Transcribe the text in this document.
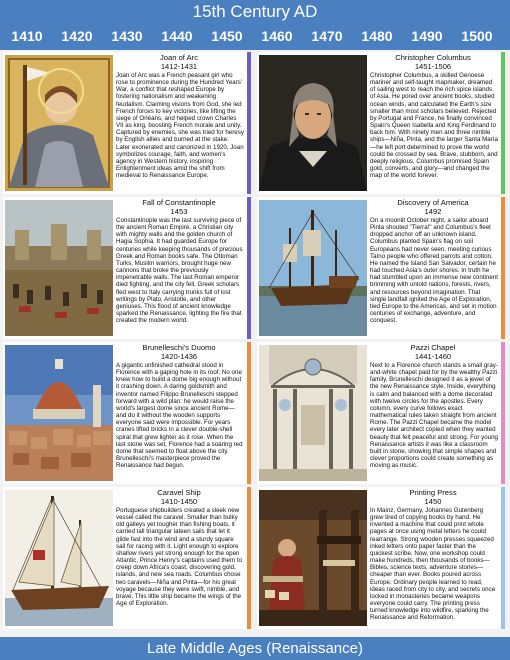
15th Century AD
1410	1420	1430	1440	1450	1460	1470	1480	1490	1500
Joan of Arc
1412-1431
Joan of Arc was a French peasant girl who rose to prominence during the Hundred Years' War, a conflict that reshaped Europe by fostering nationalism and weakening feudalism. Claiming visions from God, she led French forces to key victories, like lifting the siege of Orléans, and helped crown Charles VII as king, boosting French morale and unity. Captured by enemies, she was tried for heresy by English allies and burned at the stake. Later exonerated and canonized in 1920, Joan symbolizes courage, faith, and women's agency in Western history, inspiring Enlightenment ideas amid the shift from medieval to Renaissance Europe.
Christopher Columbus
1451-1506
Christopher Columbus, a skilled Genoese mariner and self-taught mapmaker, dreamed of sailing west to reach the rich spice islands of Asia. He pored over ancient books, studied ocean winds, and calculated the Earth's size smaller than most scholars believed. Rejected by Portugal and France, he finally convinced Spain's Queen Isabella and King Ferdinand to back him. With ninety men and three nimble ships—Niña, Pinta, and the larger Santa María—he left port determined to prove the world could be crossed by sea. Brave, stubborn, and deeply religious, Columbus promised Spain gold, converts, and glory—and changed the map of the world forever.
Fall of Constantinople
1453
Constantinople was the last surviving piece of the ancient Roman Empire, a Christian city with mighty walls and the golden church of Hagia Sophia. It had guarded Europe for centuries while keeping thousands of precious Greek and Roman books safe. The Ottoman Turks, Muslim warriors, brought huge new cannons that broke the previously impenetrable walls. The last Roman emperor died fighting, and the city fell. Greek scholars fled west to Italy carrying trunks full of lost writings by Plato, Aristotle, and other geniuses. This flood of ancient knowledge sparked the Renaissance, lighting the fire that created the modern world.
Discovery of America
1492
On a moonlit October night, a sailor aboard Pinta shouted "Tierra!" and Columbus's fleet dropped anchor off an unknown island. Columbus planted Spain's flag on soil Europeans had never seen, meeting curious Taíno people who offered parrots and cotton. He named the island San Salvador, certain he had touched Asia's outer shores. In truth he had stumbled upon an immense new continent brimming with untold nations, forests, rivers, and resources beyond imagination. That single landfall ignited the Age of Exploration, tied Europe to the Americas, and set in motion centuries of exchange, adventure, and conquest.
Brunelleschi's Duomo
1420-1436
A gigantic unfinished cathedral stood in Florence with a gaping hole in its roof. No one knew how to build a dome big enough without it crashing down. A daring goldsmith and inventor named Filippo Brunelleschi stepped forward with a wild plan: he would raise the world's largest dome since ancient Rome—and do it without the wooden supports everyone said were impossible. For years cranes lifted bricks in a clever double-shell spiral that grew lighter as it rose. When the last stone was set, Florence had a soaring red dome that seemed to float above the city. Brunelleschi's masterpiece proved the Renaissance had begun.
Pazzi Chapel
1441-1460
Next to a Florence church stands a small gray-and-white chapel paid for by the wealthy Pazzi family. Brunelleschi designed it as a jewel of the new Renaissance style. Inside, everything is calm and balanced with a dome decorated with twelve circles for the apostles. Every column, every curve follows exact mathematical rules taken straight from ancient Rome. The Pazzi Chapel became the model every later architect copied when they wanted beauty that felt peaceful and strong. For young Renaissance artists it was like a classroom built in stone, showing that simple shapes and clever proportions could create something as moving as music.
Caravel Ship
1410-1450
Portuguese shipbuilders created a sleek new vessel called the caravel. Smaller than bulky old galleys yet tougher than fishing boats, it carried tall triangular lateen sails that let it glide fast into the wind and a sturdy square sail for racing with it. Light enough to explore shallow rivers yet strong enough for the open Atlantic, Prince Henry's captains used them to creep down Africa's coast, discovering gold, islands, and new sea roads. Columbus chose two caravels—Niña and Pinta—for his great voyage because they were swift, nimble, and brave. This little ship became the wings of the Age of Exploration.
Printing Press
1450
In Mainz, Germany, Johannes Gutenberg grew tired of copying books by hand. He invented a machine that could print whole pages at once using metal letters he could rearrange. Strong wooden presses squeezed inked letters onto paper faster than the quickest scribe. Now, one workshop could make hundreds, then thousands of books—Bibles, science texts, adventure stories—cheaper than ever. Books poured across Europe. Ordinary people learned to read, ideas raced from city to city, and secrets once locked in monasteries became weapons everyone could carry. The printing press turned knowledge into wildfire, sparking the Renaissance and Reformation.
Late Middle Ages (Renaissance)
